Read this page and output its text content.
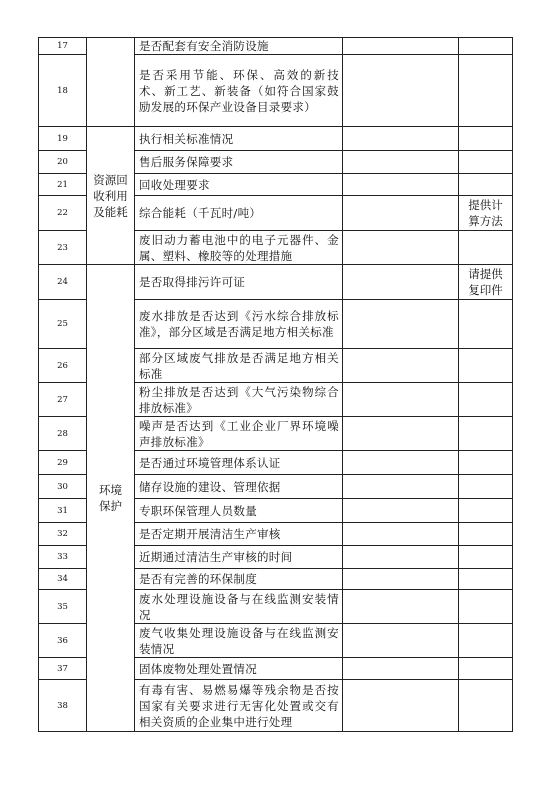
17		是否配套有安全消防设施		
18		是否采用节能、环保、高效的新技术、新工艺、新装备（如符合国家鼓励发展的环保产业设备目录要求）		
19	资源回收利用及能耗	执行相关标准情况		
20		售后服务保障要求		
21		回收处理要求		
22		综合能耗（千瓦时/吨）		提供计算方法

23		废旧动力蓄电池中的电子元器件、金属、塑料、橡胶等的处理措施		
24	环境保护	是否取得排污许可证		请提供复印件

25		废水排放是否达到《污水综合排放标准》，部分区域是否满足地方相关标准		
26		部分区域废气排放是否满足地方相关标准		
27		粉尘排放是否达到《大气污染物综合排放标准》		
28		噪声是否达到《工业企业厂界环境噪声排放标准》		
29		是否通过环境管理体系认证		
30		储存设施的建设、管理依据		
31		专职环保管理人员数量		
32		是否定期开展清洁生产审核		
33		近期通过清洁生产审核的时间		
34		是否有完善的环保制度		
35		废水处理设施设备与在线监测安装情况		
36		废气收集处理设施设备与在线监测安装情况		
37		固体废物处理处置情况		
38		有毒有害、易燃易爆等残余物是否按国家有关要求进行无害化处置或交有相关资质的企业集中进行处理		
